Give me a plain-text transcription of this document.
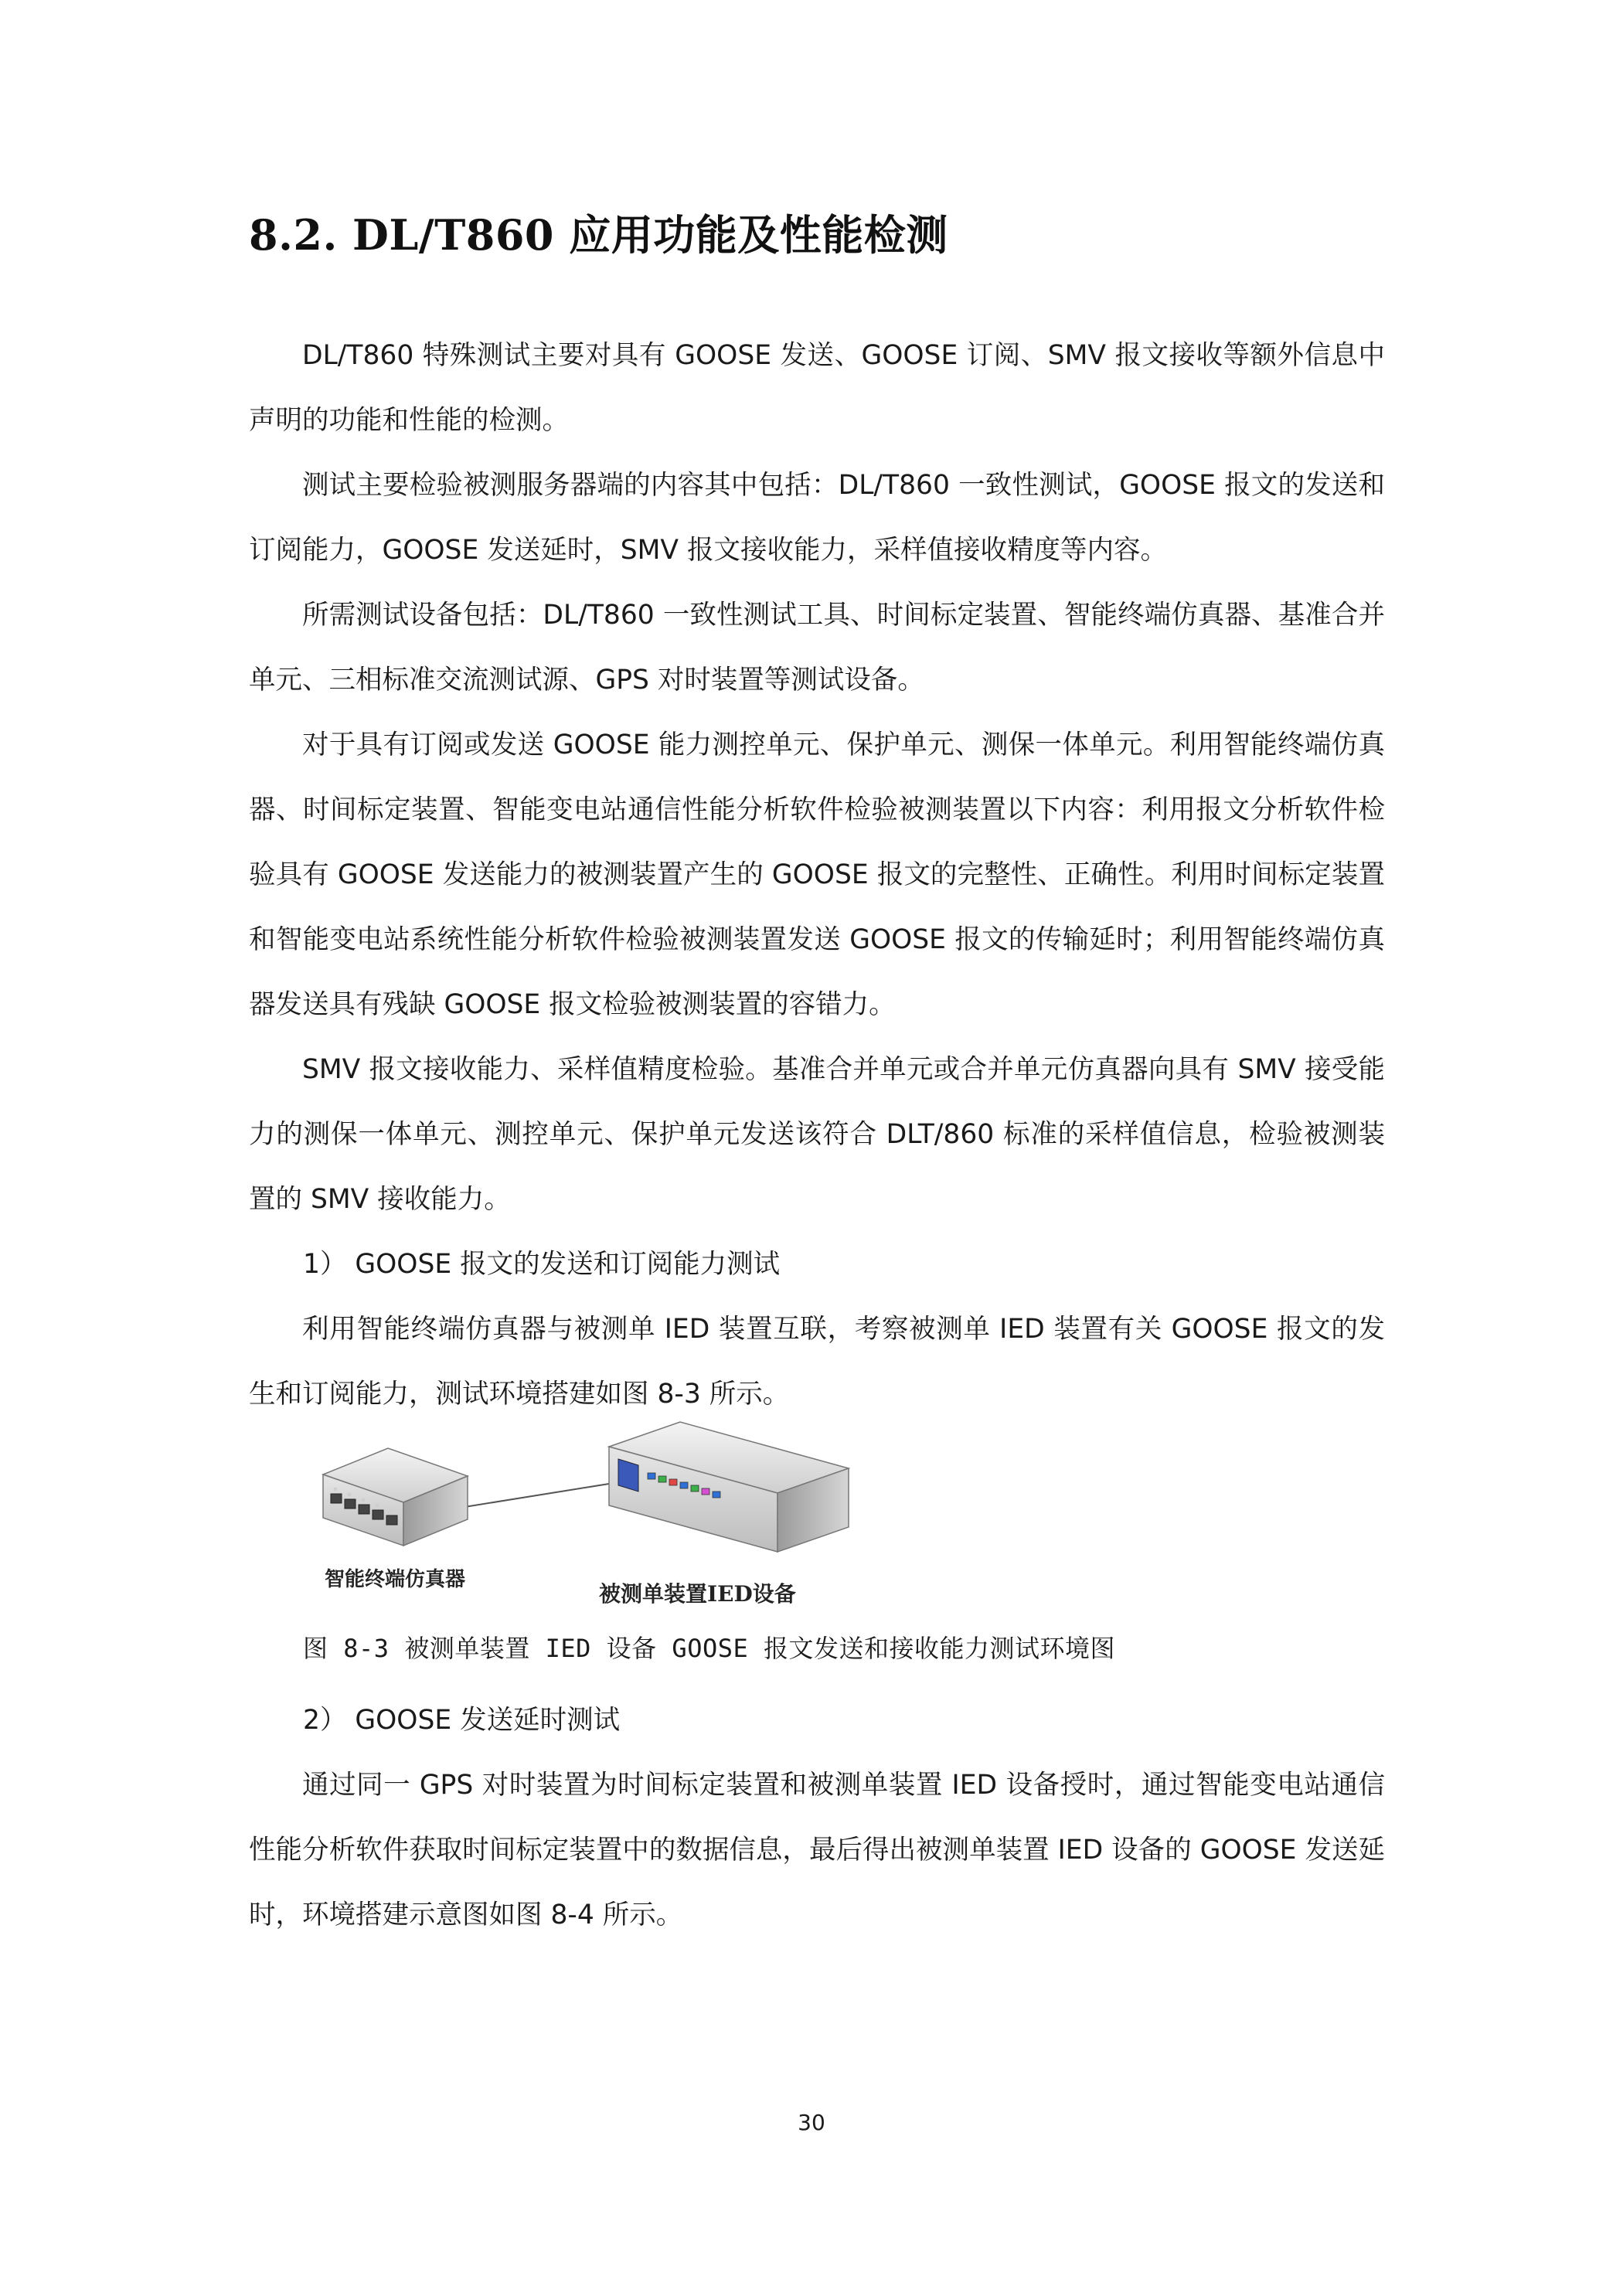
8.2. DL/T860 应用功能及性能检测

DL/T860 特殊测试主要对具有 GOOSE 发送、GOOSE 订阅、SMV 报文接收等额外信息中声明的功能和性能的检测。

测试主要检验被测服务器端的内容其中包括：DL/T860 一致性测试，GOOSE 报文的发送和订阅能力，GOOSE 发送延时，SMV 报文接收能力，采样值接收精度等内容。

所需测试设备包括：DL/T860 一致性测试工具、时间标定装置、智能终端仿真器、基准合并单元、三相标准交流测试源、GPS 对时装置等测试设备。

对于具有订阅或发送 GOOSE 能力测控单元、保护单元、测保一体单元。利用智能终端仿真器、时间标定装置、智能变电站通信性能分析软件检验被测装置以下内容：利用报文分析软件检验具有 GOOSE 发送能力的被测装置产生的 GOOSE 报文的完整性、正确性。利用时间标定装置和智能变电站系统性能分析软件检验被测装置发送 GOOSE 报文的传输延时；利用智能终端仿真器发送具有残缺 GOOSE 报文检验被测装置的容错力。

SMV 报文接收能力、采样值精度检验。基准合并单元或合并单元仿真器向具有 SMV 接受能力的测保一体单元、测控单元、保护单元发送该符合 DLT/860 标准的采样值信息，检验被测装置的 SMV 接收能力。

1） GOOSE 报文的发送和订阅能力测试

利用智能终端仿真器与被测单 IED 装置互联，考察被测单 IED 装置有关 GOOSE 报文的发生和订阅能力，测试环境搭建如图 8-3 所示。

智能终端仿真器
被测单装置IED设备

图 8-3 被测单装置 IED 设备 GOOSE 报文发送和接收能力测试环境图

2） GOOSE 发送延时测试

通过同一 GPS 对时装置为时间标定装置和被测单装置 IED 设备授时，通过智能变电站通信性能分析软件获取时间标定装置中的数据信息，最后得出被测单装置 IED 设备的 GOOSE 发送延时，环境搭建示意图如图 8-4 所示。

30
